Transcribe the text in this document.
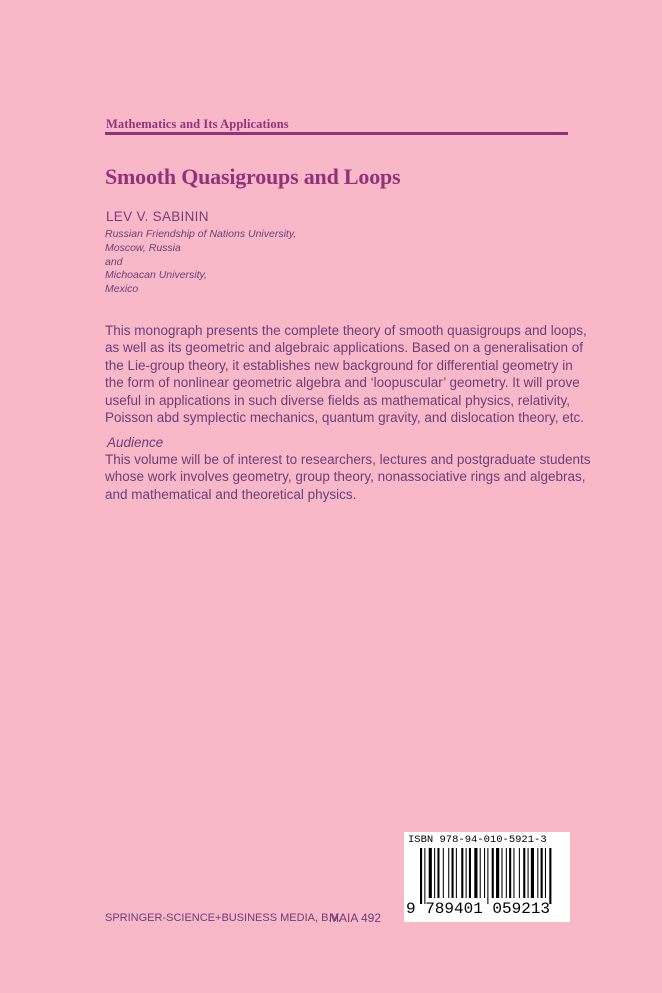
Mathematics and Its Applications
Smooth Quasigroups and Loops
LEV V. SABININ
Russian Friendship of Nations University,
Moscow, Russia
and
Michoacan University,
Mexico
This monograph presents the complete theory of smooth quasigroups and loops,
as well as its geometric and algebraic applications. Based on a generalisation of
the Lie-group theory, it establishes new background for differential geometry in
the form of nonlinear geometric algebra and ‘loopuscular’ geometry. It will prove
useful in applications in such diverse fields as mathematical physics, relativity,
Poisson abd symplectic mechanics, quantum gravity, and dislocation theory, etc.
Audience
This volume will be of interest to researchers, lectures and postgraduate students
whose work involves geometry, group theory, nonassociative rings and algebras,
and mathematical and theoretical physics.
ISBN 978-94-010-5921-3
9 789401 059213
SPRINGER-SCIENCE+BUSINESS MEDIA, B.V.
MAIA 492
